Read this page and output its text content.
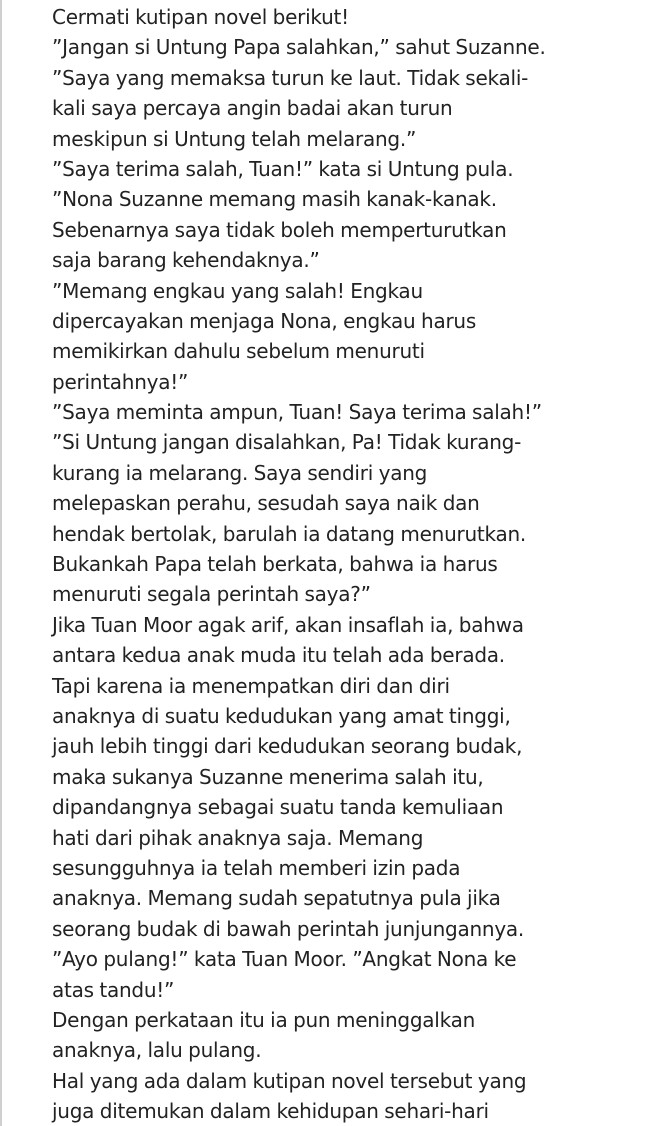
Cermati kutipan novel berikut!
”Jangan si Untung Papa salahkan,” sahut Suzanne.
”Saya yang memaksa turun ke laut. Tidak sekali-
kali saya percaya angin badai akan turun
meskipun si Untung telah melarang.”
”Saya terima salah, Tuan!” kata si Untung pula.
”Nona Suzanne memang masih kanak-kanak.
Sebenarnya saya tidak boleh memperturutkan
saja barang kehendaknya.”
”Memang engkau yang salah! Engkau
dipercayakan menjaga Nona, engkau harus
memikirkan dahulu sebelum menuruti
perintahnya!”
”Saya meminta ampun, Tuan! Saya terima salah!”
”Si Untung jangan disalahkan, Pa! Tidak kurang-
kurang ia melarang. Saya sendiri yang
melepaskan perahu, sesudah saya naik dan
hendak bertolak, barulah ia datang menurutkan.
Bukankah Papa telah berkata, bahwa ia harus
menuruti segala perintah saya?”
Jika Tuan Moor agak arif, akan insaflah ia, bahwa
antara kedua anak muda itu telah ada berada.
Tapi karena ia menempatkan diri dan diri
anaknya di suatu kedudukan yang amat tinggi,
jauh lebih tinggi dari kedudukan seorang budak,
maka sukanya Suzanne menerima salah itu,
dipandangnya sebagai suatu tanda kemuliaan
hati dari pihak anaknya saja. Memang
sesungguhnya ia telah memberi izin pada
anaknya. Memang sudah sepatutnya pula jika
seorang budak di bawah perintah junjungannya.
”Ayo pulang!” kata Tuan Moor. ”Angkat Nona ke
atas tandu!”
Dengan perkataan itu ia pun meninggalkan
anaknya, lalu pulang.
Hal yang ada dalam kutipan novel tersebut yang
juga ditemukan dalam kehidupan sehari-hari
